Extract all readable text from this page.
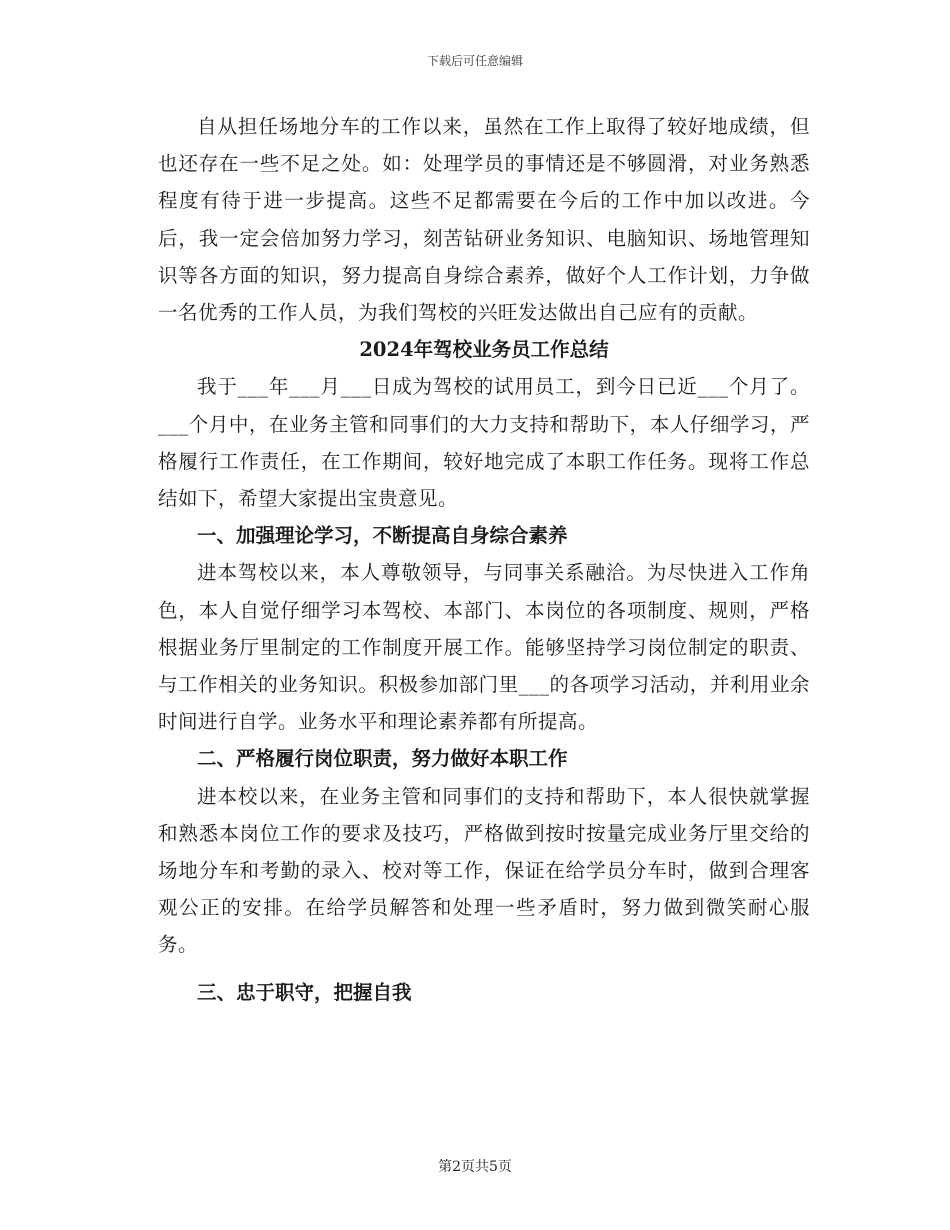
下载后可任意编辑

自从担任场地分车的工作以来，虽然在工作上取得了较好地成绩，但也还存在一些不足之处。如：处理学员的事情还是不够圆滑，对业务熟悉程度有待于进一步提高。这些不足都需要在今后的工作中加以改进。今后，我一定会倍加努力学习，刻苦钻研业务知识、电脑知识、场地管理知识等各方面的知识，努力提高自身综合素养，做好个人工作计划，力争做一名优秀的工作人员，为我们驾校的兴旺发达做出自己应有的贡献。

2024年驾校业务员工作总结

我于___年___月___日成为驾校的试用员工，到今日已近___个月了。___个月中，在业务主管和同事们的大力支持和帮助下，本人仔细学习，严格履行工作责任，在工作期间，较好地完成了本职工作任务。现将工作总结如下，希望大家提出宝贵意见。

一、加强理论学习，不断提高自身综合素养

进本驾校以来，本人尊敬领导，与同事关系融洽。为尽快进入工作角色，本人自觉仔细学习本驾校、本部门、本岗位的各项制度、规则，严格根据业务厅里制定的工作制度开展工作。能够坚持学习岗位制定的职责、与工作相关的业务知识。积极参加部门里___的各项学习活动，并利用业余时间进行自学。业务水平和理论素养都有所提高。

二、严格履行岗位职责，努力做好本职工作

进本校以来，在业务主管和同事们的支持和帮助下，本人很快就掌握和熟悉本岗位工作的要求及技巧，严格做到按时按量完成业务厅里交给的场地分车和考勤的录入、校对等工作，保证在给学员分车时，做到合理客观公正的安排。在给学员解答和处理一些矛盾时，努力做到微笑耐心服务。

三、忠于职守，把握自我

第2页共5页
